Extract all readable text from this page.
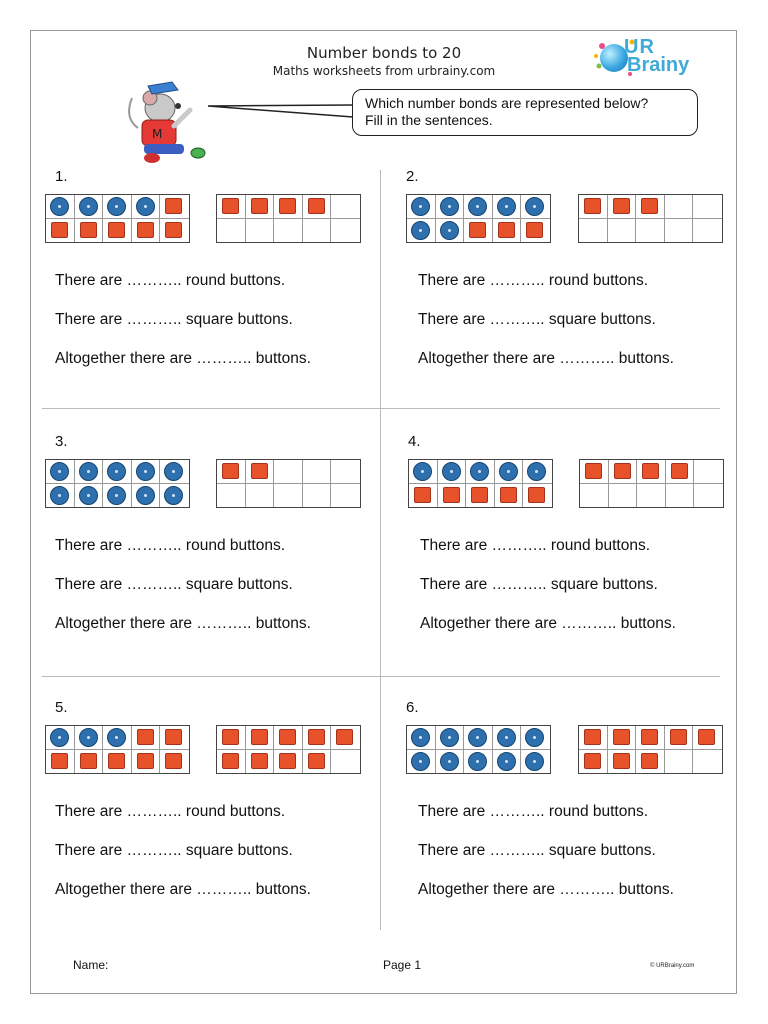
Number bonds to 20
Maths worksheets from urbrainy.com
UR
Brainy
M
Which number bonds are represented below?
Fill in the sentences.
1.
There are ……….. round buttons.
There are ……….. square buttons.
Altogether there are ……….. buttons.
2.
There are ……….. round buttons.
There are ……….. square buttons.
Altogether there are ……….. buttons.
3.
There are ……….. round buttons.
There are ……….. square buttons.
Altogether there are ……….. buttons.
4.
There are ……….. round buttons.
There are ……….. square buttons.
Altogether there are ……….. buttons.
5.
There are ……….. round buttons.
There are ……….. square buttons.
Altogether there are ……….. buttons.
6.
There are ……….. round buttons.
There are ……….. square buttons.
Altogether there are ……….. buttons.
Name:	Page 1	© URBrainy.com
